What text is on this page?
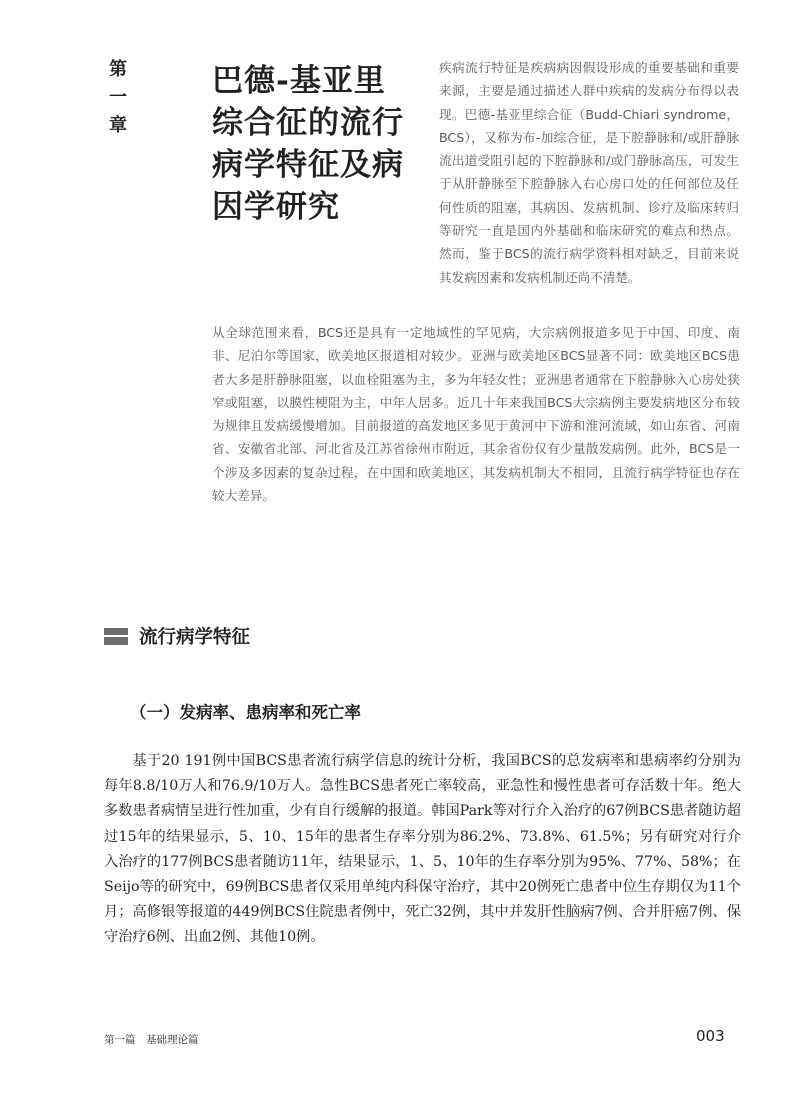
第
一
章
巴德-基亚里
综合征的流行
病学特征及病
因学研究
疾病流行特征是疾病病因假设形成的重要基础和重要来源，主要是通过描述人群中疾病的发病分布得以表现。巴德-基亚里综合征（Budd-Chiari syndrome，BCS），又称为布-加综合征，是下腔静脉和/或肝静脉流出道受阻引起的下腔静脉和/或门静脉高压，可发生于从肝静脉至下腔静脉入右心房口处的任何部位及任何性质的阻塞，其病因、发病机制、诊疗及临床转归等研究一直是国内外基础和临床研究的难点和热点。然而，鉴于BCS的流行病学资料相对缺乏，目前来说其发病因素和发病机制还尚不清楚。
从全球范围来看，BCS还是具有一定地域性的罕见病，大宗病例报道多见于中国、印度、南非、尼泊尔等国家，欧美地区报道相对较少。亚洲与欧美地区BCS显著不同：欧美地区BCS患者大多是肝静脉阻塞，以血栓阻塞为主，多为年轻女性；亚洲患者通常在下腔静脉入心房处狭窄或阻塞，以膜性梗阻为主，中年人居多。近几十年来我国BCS大宗病例主要发病地区分布较为规律且发病缓慢增加。目前报道的高发地区多见于黄河中下游和淮河流域，如山东省、河南省、安徽省北部、河北省及江苏省徐州市附近，其余省份仅有少量散发病例。此外，BCS是一个涉及多因素的复杂过程，在中国和欧美地区，其发病机制大不相同，且流行病学特征也存在较大差异。
流行病学特征
（一）发病率、患病率和死亡率

基于20 191例中国BCS患者流行病学信息的统计分析，我国BCS的总发病率和患病率约分别为每年8.8/10万人和76.9/10万人。急性BCS患者死亡率较高，亚急性和慢性患者可存活数十年。绝大多数患者病情呈进行性加重，少有自行缓解的报道。韩国Park等对行介入治疗的67例BCS患者随访超过15年的结果显示，5、10、15年的患者生存率分别为86.2%、73.8%、61.5%；另有研究对行介入治疗的177例BCS患者随访11年，结果显示，1、5、10年的生存率分别为95%、77%、58%；在Seijo等的研究中，69例BCS患者仅采用单纯内科保守治疗，其中20例死亡患者中位生存期仅为11个月；高修银等报道的449例BCS住院患者例中，死亡32例，其中并发肝性脑病7例、合并肝癌7例、保守治疗6例、出血2例、其他10例。

第一篇　基础理论篇	003
